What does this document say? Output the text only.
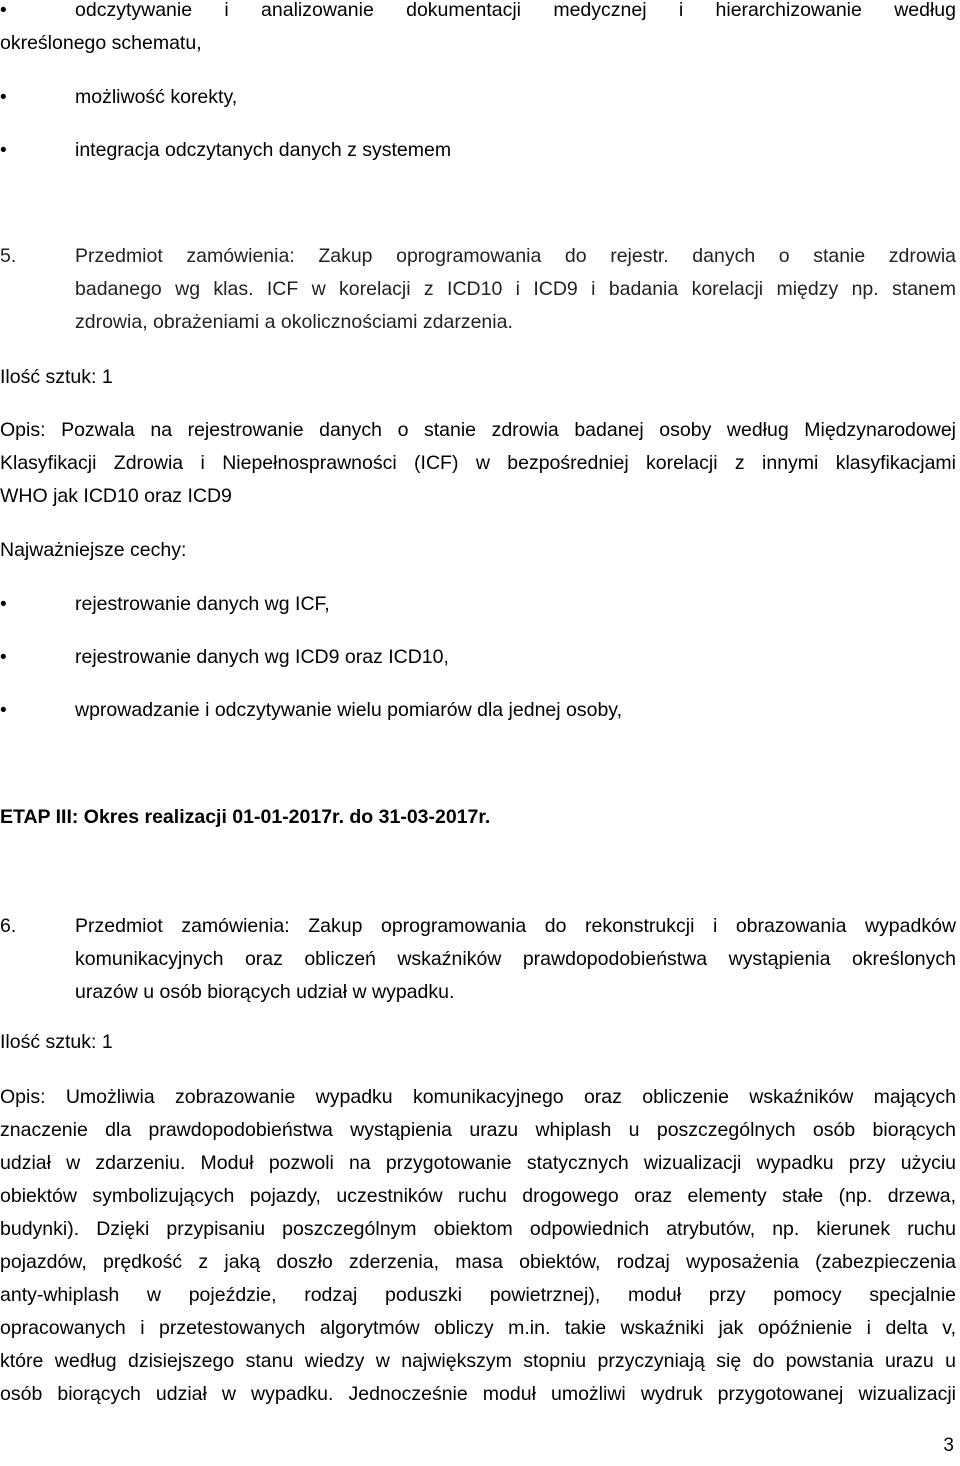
•	odczytywanie i analizowanie dokumentacji medycznej i hierarchizowanie według
określonego schematu,
•	możliwość korekty,
•	integracja odczytanych danych z systemem
5.	Przedmiot zamówienia: Zakup oprogramowania do rejestr. danych o stanie zdrowia
badanego wg klas. ICF w korelacji z ICD10 i ICD9 i badania korelacji między np. stanem
zdrowia, obrażeniami a okolicznościami zdarzenia.
Ilość sztuk: 1
Opis: Pozwala na rejestrowanie danych o stanie zdrowia badanej osoby według Międzynarodowej
Klasyfikacji Zdrowia i Niepełnosprawności (ICF) w bezpośredniej korelacji z innymi klasyfikacjami
WHO jak ICD10 oraz ICD9
Najważniejsze cechy:
•	rejestrowanie danych wg ICF,
•	rejestrowanie danych wg ICD9 oraz ICD10,
•	wprowadzanie i odczytywanie wielu pomiarów dla jednej osoby,
ETAP III: Okres realizacji 01-01-2017r. do 31-03-2017r.
6.	Przedmiot zamówienia: Zakup oprogramowania do rekonstrukcji i obrazowania wypadków
komunikacyjnych oraz obliczeń wskaźników prawdopodobieństwa wystąpienia określonych
urazów u osób biorących udział w wypadku.
Ilość sztuk: 1
Opis: Umożliwia zobrazowanie wypadku komunikacyjnego oraz obliczenie wskaźników mających
znaczenie dla prawdopodobieństwa wystąpienia urazu whiplash u poszczególnych osób biorących
udział w zdarzeniu. Moduł pozwoli na przygotowanie statycznych wizualizacji wypadku przy użyciu
obiektów symbolizujących pojazdy, uczestników ruchu drogowego oraz elementy stałe (np. drzewa,
budynki). Dzięki przypisaniu poszczególnym obiektom odpowiednich atrybutów, np. kierunek ruchu
pojazdów, prędkość z jaką doszło zderzenia, masa obiektów, rodzaj wyposażenia (zabezpieczenia
anty-whiplash w pojeździe, rodzaj poduszki powietrznej), moduł przy pomocy specjalnie
opracowanych i przetestowanych algorytmów obliczy m.in. takie wskaźniki jak opóźnienie i delta v,
które według dzisiejszego stanu wiedzy w największym stopniu przyczyniają się do powstania urazu u
osób biorących udział w wypadku. Jednocześnie moduł umożliwi wydruk przygotowanej wizualizacji
3
